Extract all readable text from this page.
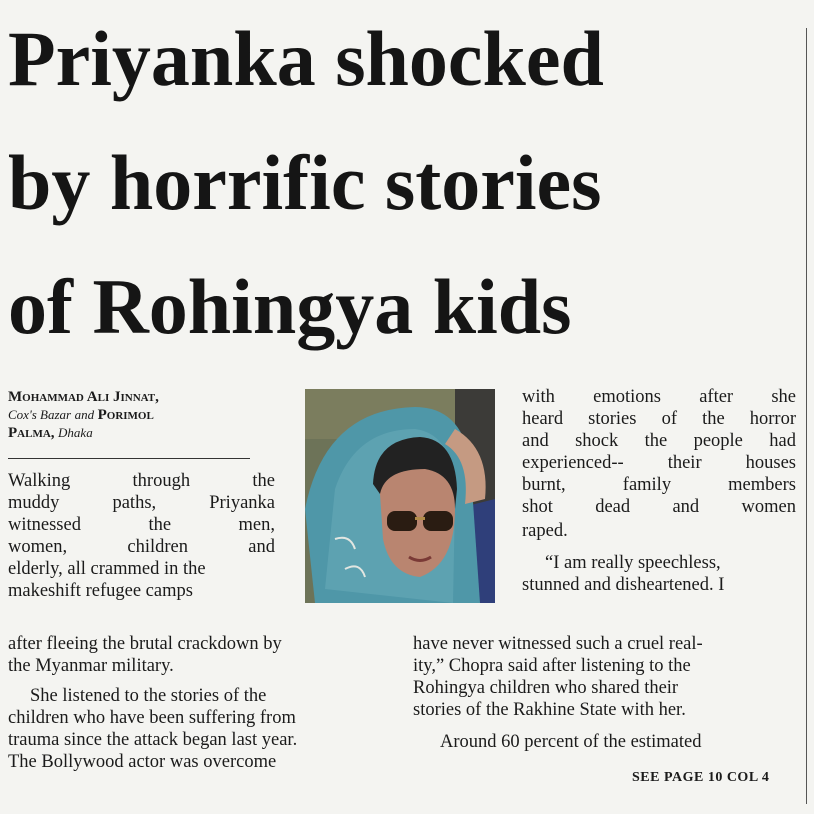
Priyanka shocked
by horrific stories
of Rohingya kids
Mohammad Ali Jinnat,
Cox's Bazar and Porimol
Palma, Dhaka
Walking	through	the
muddy	paths,	Priyanka
witnessed	the	men,
women,	children	and
elderly, all crammed in the
makeshift refugee camps
after fleeing the brutal crackdown by
the Myanmar military.
She listened to the stories of the
children who have been suffering from
trauma since the attack began last year.
The Bollywood actor was overcome
with emotions after she
heard stories of the horror
and shock the people had
experienced-- their houses
burnt,	family	members
shot dead and women
raped.
“I am really speechless,
stunned and disheartened. I
have never witnessed such a cruel real-
ity,” Chopra said after listening to the
Rohingya children who shared their
stories of the Rakhine State with her.
Around 60 percent of the estimated
SEE PAGE 10 COL 4
